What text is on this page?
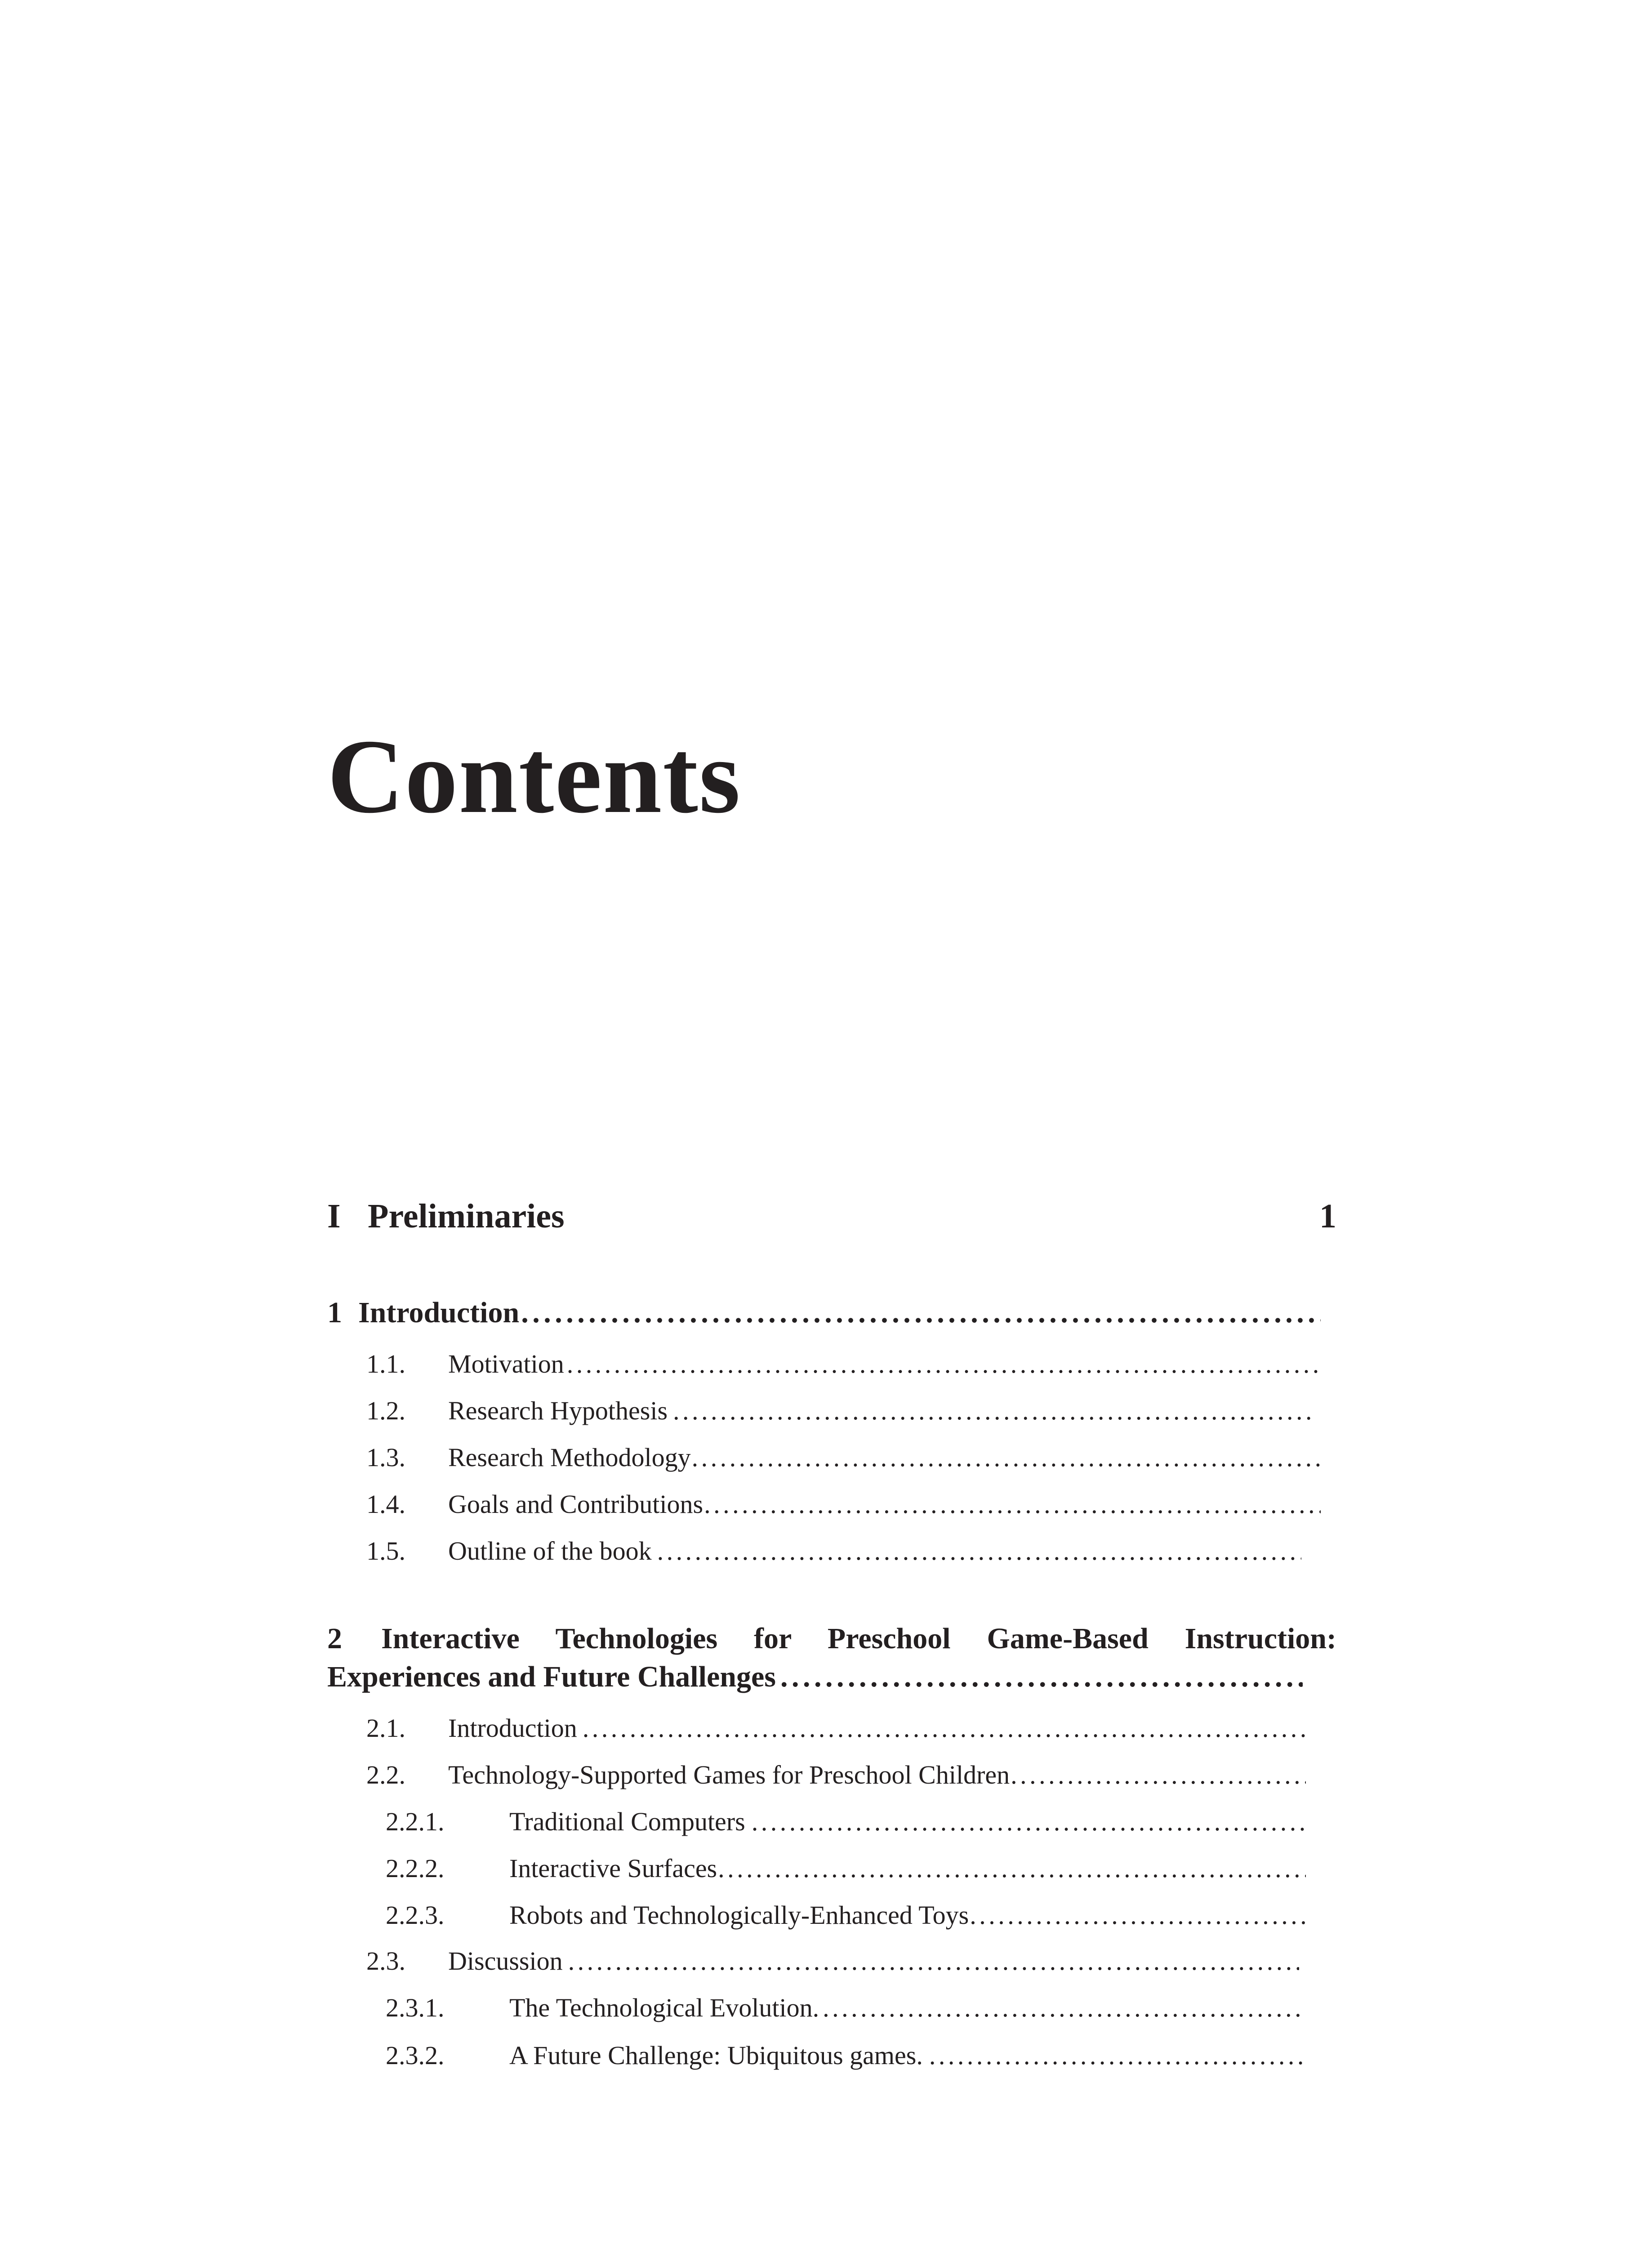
Contents
I Preliminaries	1
1 Introduction
. . .
1.1. Motivation
. . .
1.2. Research Hypothesis
. . .
1.3. Research Methodology
. . .
1.4. Goals and Contributions
. . .
1.5. Outline of the book
. . .
2 Interactive Technologies for Preschool Game-Based Instruction:
Experiences and Future Challenges
. . .
2.1. Introduction
. . .
2.2. Technology-Supported Games for Preschool Children
. . .
2.2.1. Traditional Computers
. . .
2.2.2. Interactive Surfaces
. . .
2.2.3. Robots and Technologically-Enhanced Toys
. . .
2.3. Discussion
. . .
2.3.1. The Technological Evolution.
. . .
2.3.2. A Future Challenge: Ubiquitous games.
. . .
